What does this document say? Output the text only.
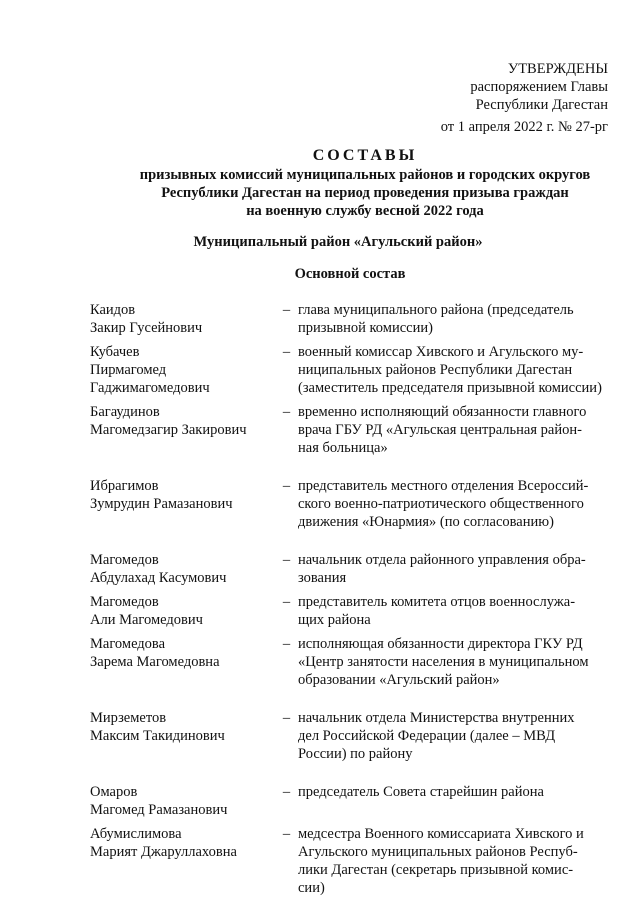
УТВЕРЖДЕНЫ
распоряжением Главы
Республики Дагестан
от 1 апреля 2022 г. № 27-рг
СОСТАВЫ
призывных комиссий муниципальных районов и городских округов
Республики Дагестан на период проведения призыва граждан
на военную службу весной 2022 года
Муниципальный район «Агульский район»
Основной состав
Каидов
Закир Гусейнович
– глава муниципального района (председатель
призывной комиссии)
Кубачев
Пирмагомед
Гаджимагомедович
– военный комиссар Хивского и Агульского му-
ниципальных районов Республики Дагестан
(заместитель председателя призывной комиссии)
Багаудинов
Магомедзагир Закирович
– временно исполняющий обязанности главного
врача ГБУ РД «Агульская центральная район-
ная больница»
Ибрагимов
Зумрудин Рамазанович
– представитель местного отделения Всероссий-
ского военно-патриотического общественного
движения «Юнармия» (по согласованию)
Магомедов
Абдулахад Касумович
– начальник отдела районного управления обра-
зования
Магомедов
Али Магомедович
– представитель комитета отцов военнослужа-
щих района
Магомедова
Зарема Магомедовна
– исполняющая обязанности директора ГКУ РД
«Центр занятости населения в муниципальном
образовании «Агульский район»
Мирземетов
Максим Такидинович
– начальник отдела Министерства внутренних
дел Российской Федерации (далее – МВД
России) по району
Омаров
Магомед Рамазанович
– председатель Совета старейшин района
Абумислимова
Марият Джаруллаховна
– медсестра Военного комиссариата Хивского и
Агульского муниципальных районов Респуб-
лики Дагестан (секретарь призывной комис-
сии)
